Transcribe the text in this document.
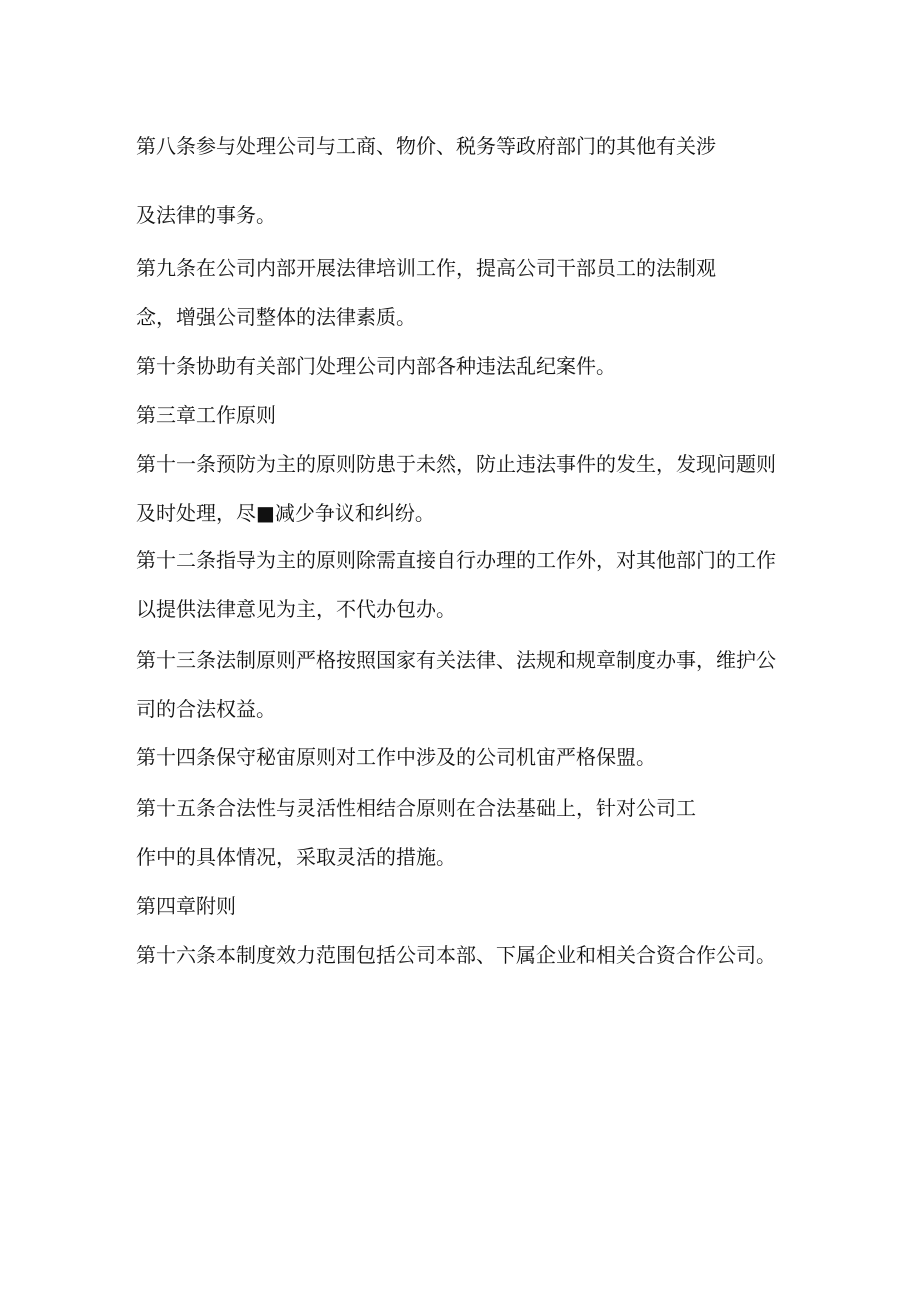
第八条参与处理公司与工商、物价、税务等政府部门的其他有关涉
及法律的事务。
第九条在公司内部开展法律培训工作，提高公司干部员工的法制观
念，增强公司整体的法律素质。
第十条协助有关部门处理公司内部各种违法乱纪案件。
第三章工作原则
第十一条预防为主的原则防患于未然，防止违法事件的发生，发现问题则
及时处理，尽■减少争议和纠纷。
第十二条指导为主的原则除需直接自行办理的工作外，对其他部门的工作
以提供法律意见为主，不代办包办。
第十三条法制原则严格按照国家有关法律、法规和规章制度办事，维护公
司的合法权益。
第十四条保守秘宙原则对工作中涉及的公司机宙严格保盟。
第十五条合法性与灵活性相结合原则在合法基础上，针对公司工
作中的具体情况，采取灵活的措施。
第四章附则
第十六条本制度效力范围包括公司本部、下属企业和相关合资合作公司。
